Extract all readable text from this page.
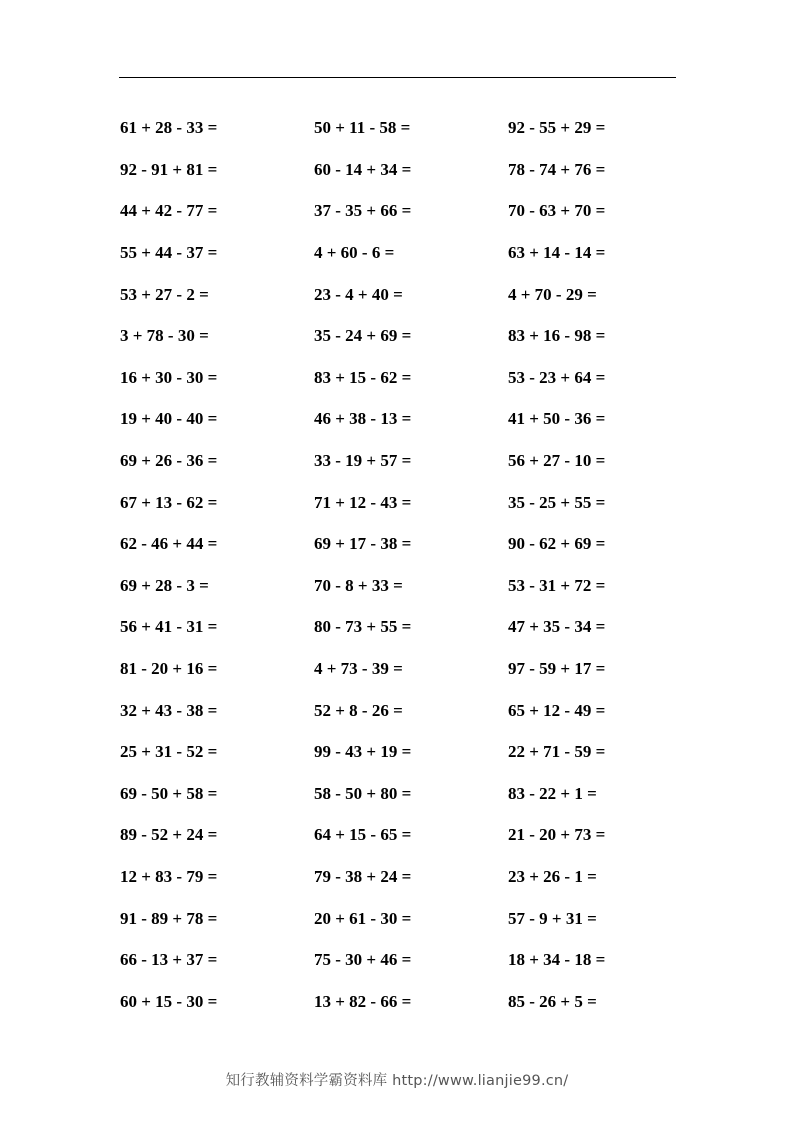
61 + 28 - 33 =	50 + 11 - 58 =	92 - 55 + 29 =
92 - 91 + 81 =	60 - 14 + 34 =	78 - 74 + 76 =
44 + 42 - 77 =	37 - 35 + 66 =	70 - 63 + 70 =
55 + 44 - 37 =	4 + 60 - 6 =	63 + 14 - 14 =
53 + 27 - 2 =	23 - 4 + 40 =	4 + 70 - 29 =
3 + 78 - 30 =	35 - 24 + 69 =	83 + 16 - 98 =
16 + 30 - 30 =	83 + 15 - 62 =	53 - 23 + 64 =
19 + 40 - 40 =	46 + 38 - 13 =	41 + 50 - 36 =
69 + 26 - 36 =	33 - 19 + 57 =	56 + 27 - 10 =
67 + 13 - 62 =	71 + 12 - 43 =	35 - 25 + 55 =
62 - 46 + 44 =	69 + 17 - 38 =	90 - 62 + 69 =
69 + 28 - 3 =	70 - 8 + 33 =	53 - 31 + 72 =
56 + 41 - 31 =	80 - 73 + 55 =	47 + 35 - 34 =
81 - 20 + 16 =	4 + 73 - 39 =	97 - 59 + 17 =
32 + 43 - 38 =	52 + 8 - 26 =	65 + 12 - 49 =
25 + 31 - 52 =	99 - 43 + 19 =	22 + 71 - 59 =
69 - 50 + 58 =	58 - 50 + 80 =	83 - 22 + 1 =
89 - 52 + 24 =	64 + 15 - 65 =	21 - 20 + 73 =
12 + 83 - 79 =	79 - 38 + 24 =	23 + 26 - 1 =
91 - 89 + 78 =	20 + 61 - 30 =	57 - 9 + 31 =
66 - 13 + 37 =	75 - 30 + 46 =	18 + 34 - 18 =
60 + 15 - 30 =	13 + 82 - 66 =	85 - 26 + 5 =
知行教辅资料学霸资料库 http://www.lianjie99.cn/
